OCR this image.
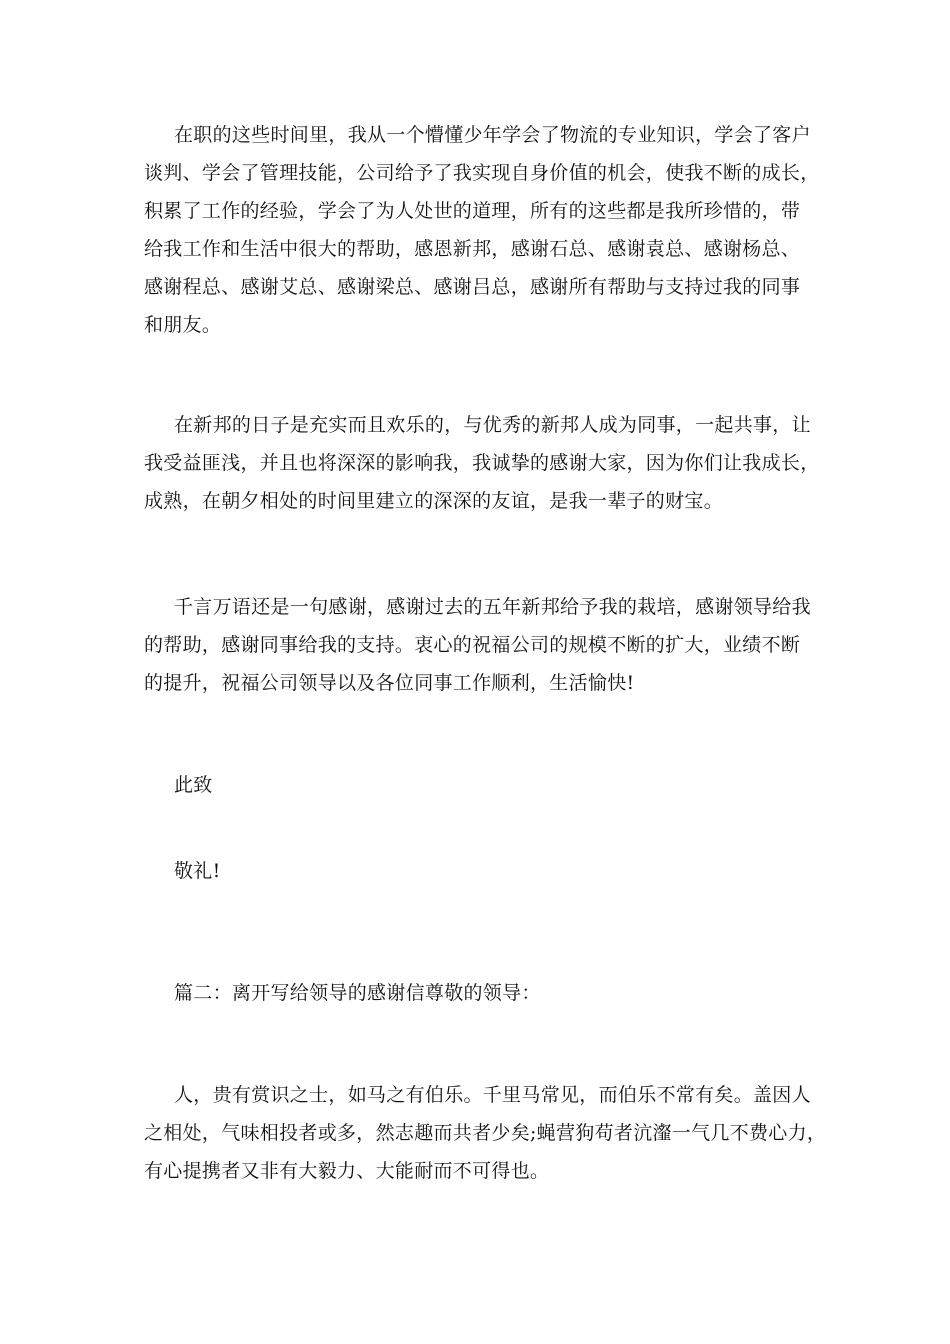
在职的这些时间里，我从一个懵懂少年学会了物流的专业知识，学会了客户
谈判、学会了管理技能，公司给予了我实现自身价值的机会，使我不断的成长，
积累了工作的经验，学会了为人处世的道理，所有的这些都是我所珍惜的，带
给我工作和生活中很大的帮助，感恩新邦，感谢石总、感谢袁总、感谢杨总、
感谢程总、感谢艾总、感谢梁总、感谢吕总，感谢所有帮助与支持过我的同事
和朋友。

在新邦的日子是充实而且欢乐的，与优秀的新邦人成为同事，一起共事，让
我受益匪浅，并且也将深深的影响我，我诚挚的感谢大家，因为你们让我成长，
成熟，在朝夕相处的时间里建立的深深的友谊，是我一辈子的财宝。

千言万语还是一句感谢，感谢过去的五年新邦给予我的栽培，感谢领导给我
的帮助，感谢同事给我的支持。衷心的祝福公司的规模不断的扩大，业绩不断
的提升，祝福公司领导以及各位同事工作顺利，生活愉快!

此致

敬礼!

篇二：离开写给领导的感谢信尊敬的领导：

人，贵有赏识之士，如马之有伯乐。千里马常见，而伯乐不常有矣。盖因人
之相处，气味相投者或多，然志趣而共者少矣;蝇营狗苟者沆瀣一气几不费心力，
有心提携者又非有大毅力、大能耐而不可得也。
